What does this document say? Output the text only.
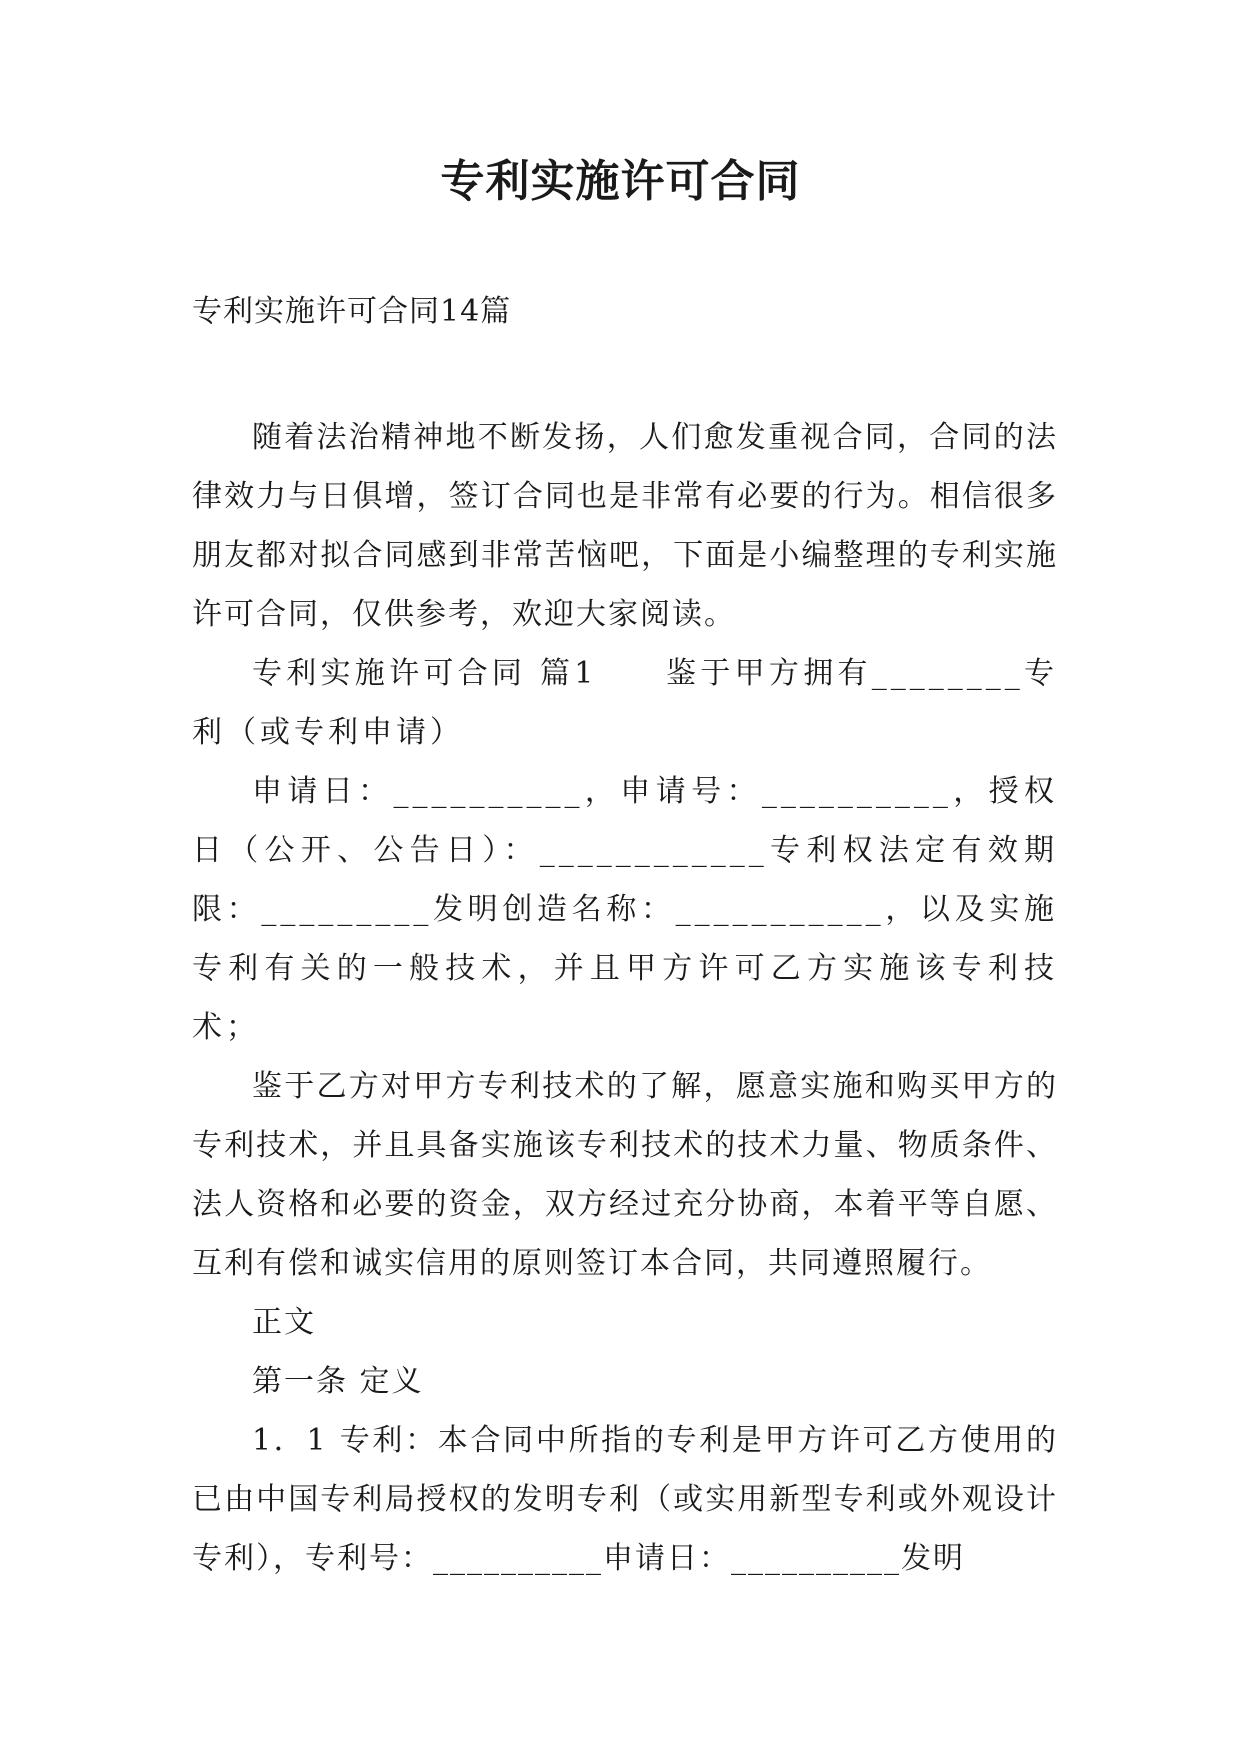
专利实施许可合同

专利实施许可合同14篇

随着法治精神地不断发扬，人们愈发重视合同，合同的法律效力与日俱增，签订合同也是非常有必要的行为。相信很多朋友都对拟合同感到非常苦恼吧，下面是小编整理的专利实施许可合同，仅供参考，欢迎大家阅读。

专利实施许可合同 篇1　　鉴于甲方拥有________专利（或专利申请）

申请日：__________，申请号：__________，授权日（公开、公告日）：____________专利权法定有效期限：_________发明创造名称：___________，以及实施专利有关的一般技术，并且甲方许可乙方实施该专利技术；

鉴于乙方对甲方专利技术的了解，愿意实施和购买甲方的专利技术，并且具备实施该专利技术的技术力量、物质条件、法人资格和必要的资金，双方经过充分协商，本着平等自愿、互利有偿和诚实信用的原则签订本合同，共同遵照履行。

正文

第一条 定义

1．1 专利：本合同中所指的专利是甲方许可乙方使用的已由中国专利局授权的发明专利（或实用新型专利或外观设计专利），专利号：__________申请日：__________发明
